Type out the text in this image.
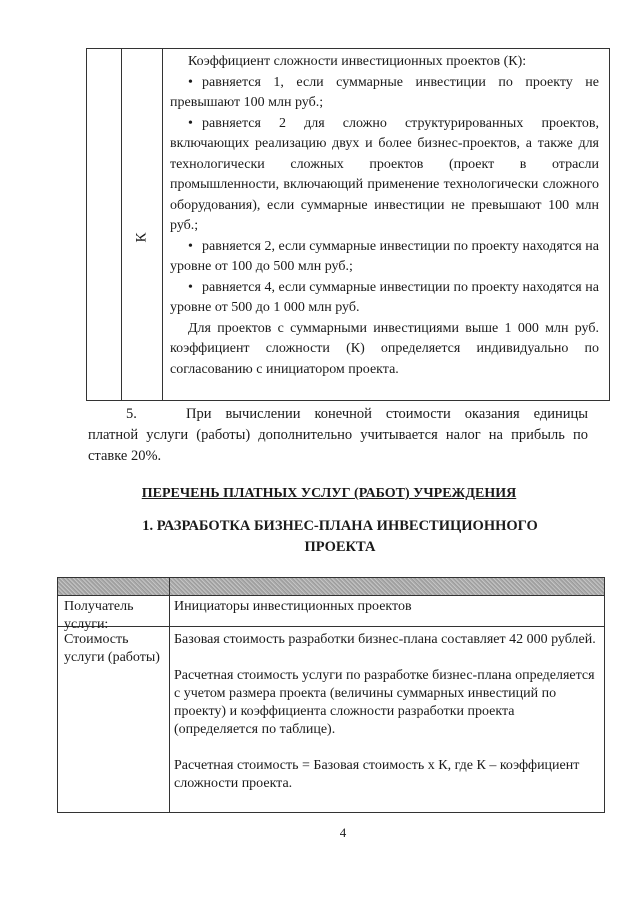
К

Коэффициент сложности инвестиционных проектов (К):

• равняется 1, если суммарные инвестиции по проекту не превышают 100 млн руб.;

• равняется 2 для сложно структурированных проектов, включающих реализацию двух и более бизнес-проектов, а также для технологически сложных проектов (проект в отрасли промышленности, включающий применение технологически сложного оборудования), если суммарные инвестиции не превышают 100 млн руб.;

• равняется 2, если суммарные инвестиции по проекту находятся на уровне от 100 до 500 млн руб.;

• равняется 4, если суммарные инвестиции по проекту находятся на уровне от 500 до 1 000 млн руб.

Для проектов с суммарными инвестициями выше 1 000 млн руб. коэффициент сложности (К) определяется индивидуально по согласованию с инициатором проекта.

5.	При вычислении конечной стоимости оказания единицы платной услуги (работы) дополнительно учитывается налог на прибыль по ставке 20%.
ПЕРЕЧЕНЬ ПЛАТНЫХ УСЛУГ (РАБОТ) УЧРЕЖДЕНИЯ
1. РАЗРАБОТКА БИЗНЕС-ПЛАНА ИНВЕСТИЦИОННОГО ПРОЕКТА
Получатель услуги:
Инициаторы инвестиционных проектов
Стоимость услуги (работы)

Базовая стоимость разработки бизнес-плана составляет 42 000 рублей.

Расчетная стоимость услуги по разработке бизнес-плана определяется с учетом размера проекта (величины суммарных инвестиций по проекту) и коэффициента сложности разработки проекта (определяется по таблице).

Расчетная стоимость = Базовая стоимость х К, где К – коэффициент сложности проекта.

4
